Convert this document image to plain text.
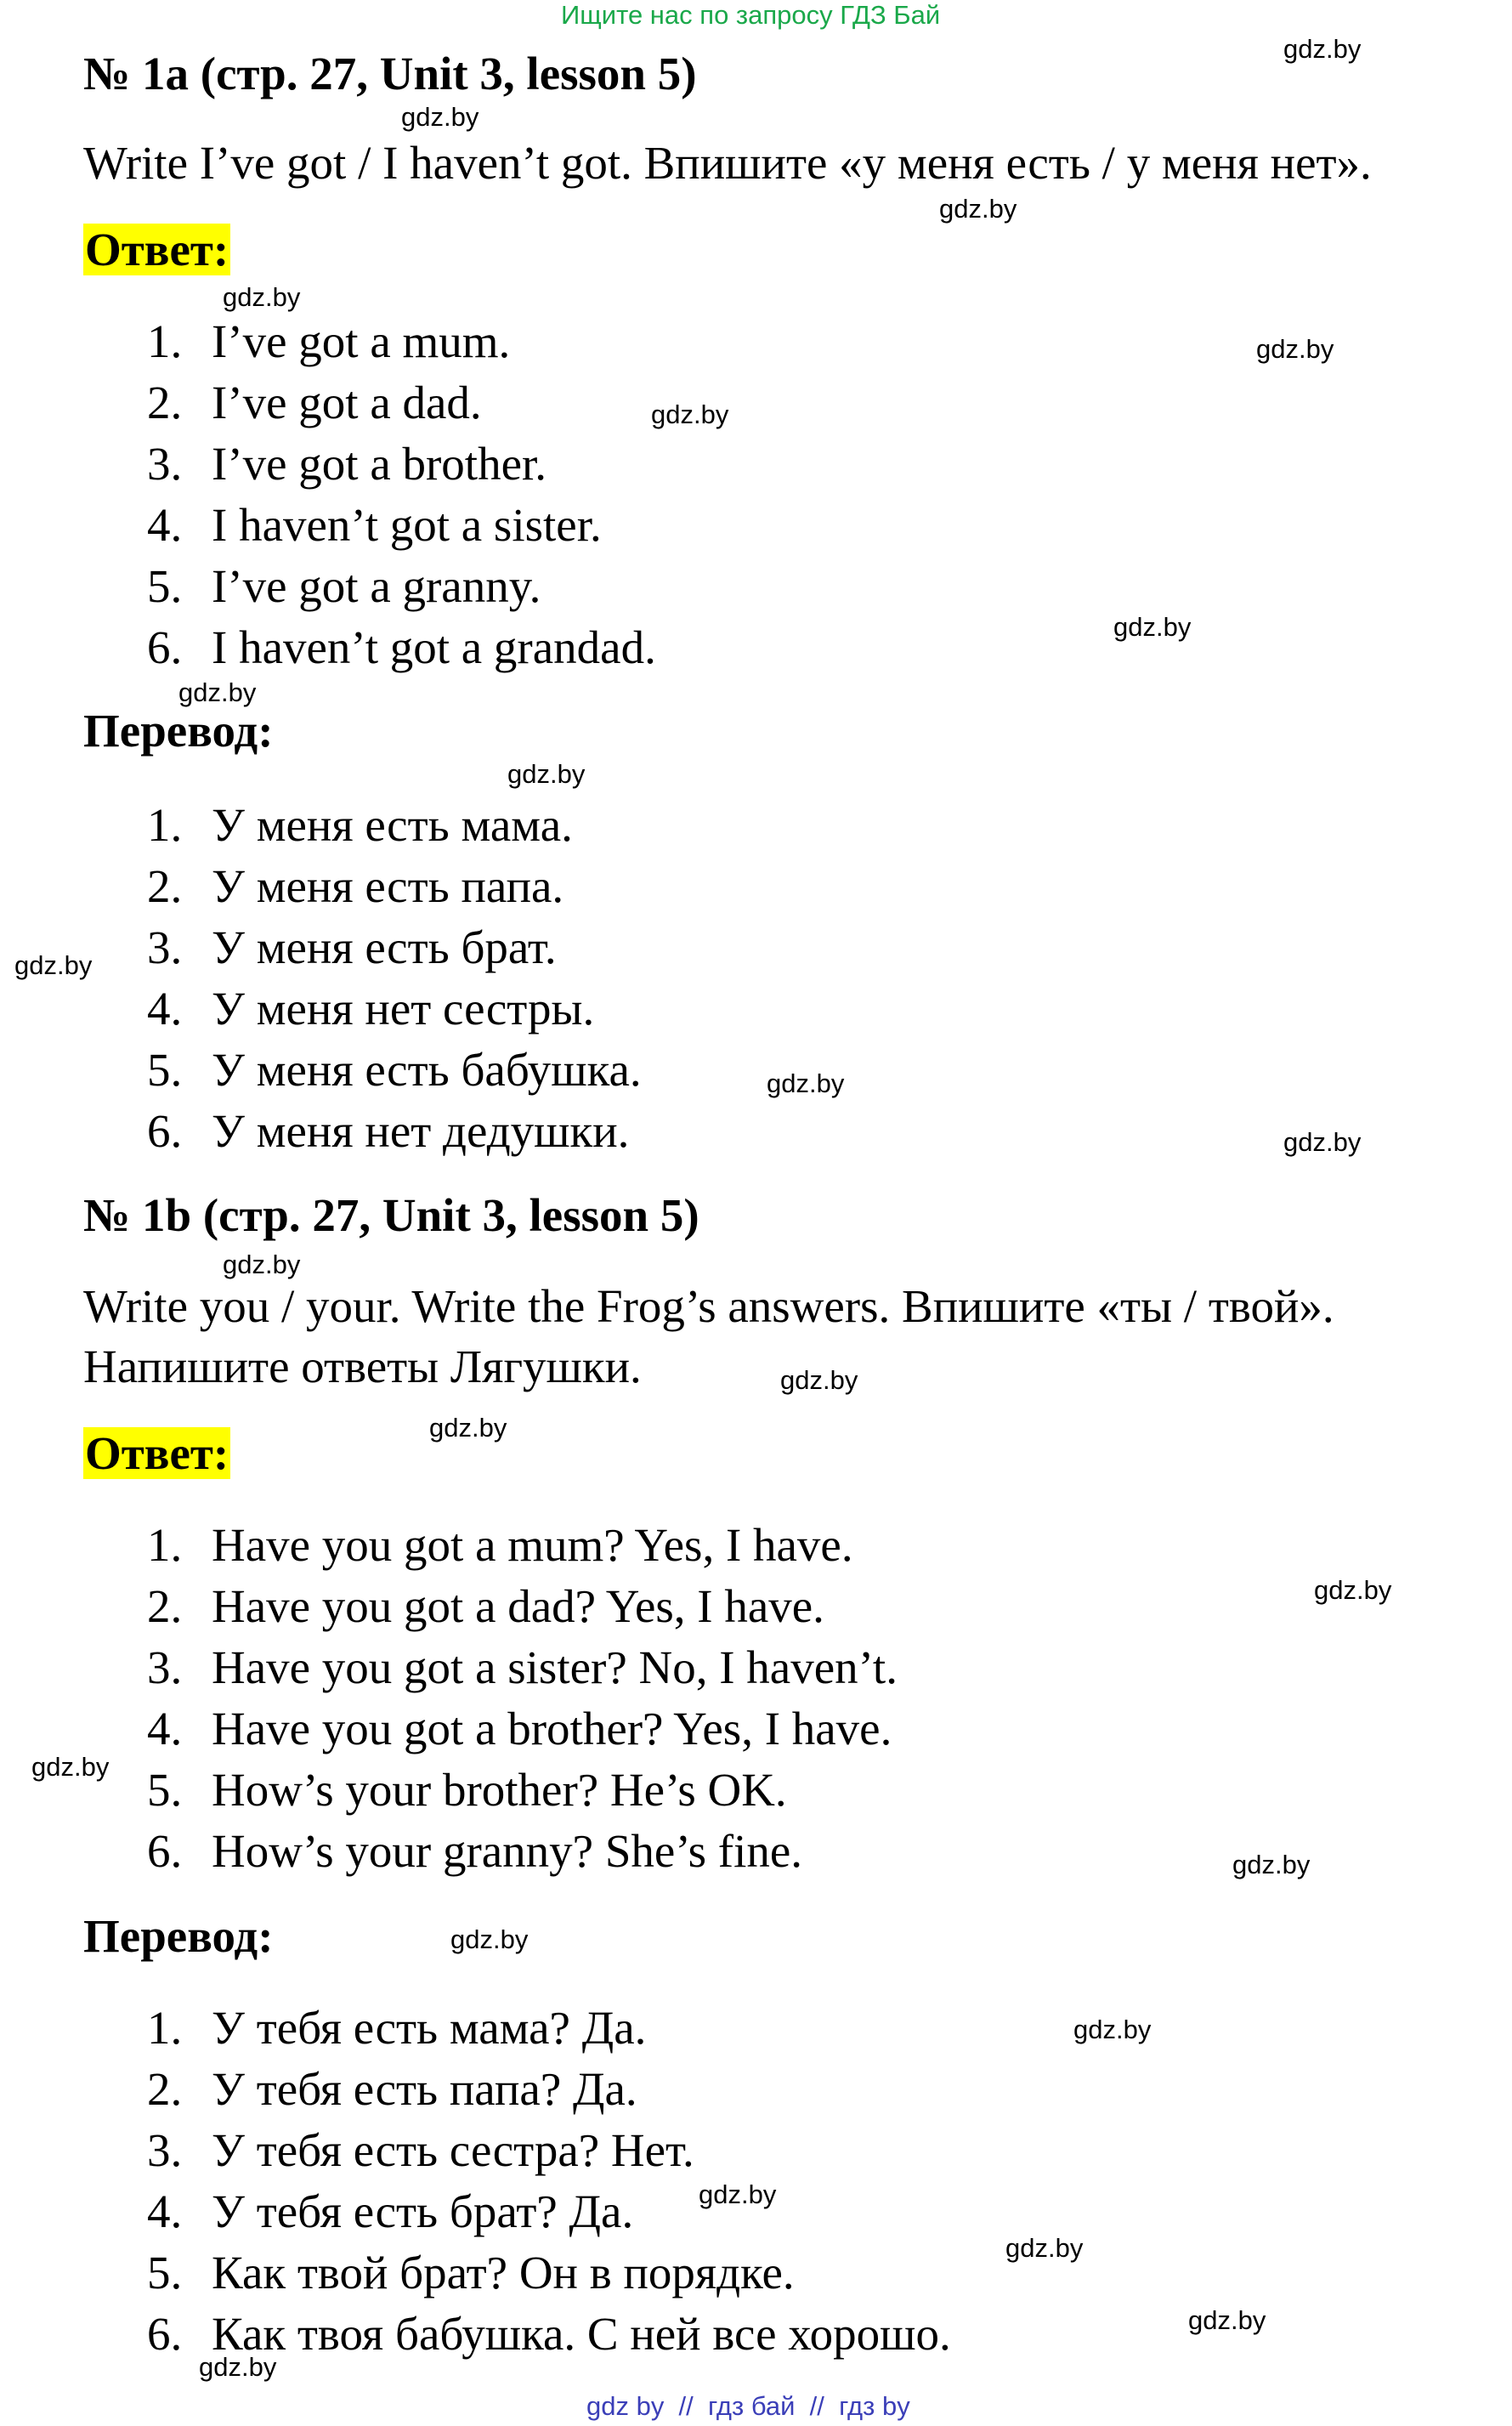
Ищите нас по запросу ГДЗ Бай
№ 1a (стр. 27, Unit 3, lesson 5)
Write I’ve got / I haven’t got. Впишите «у меня есть / у меня нет».
Ответ:
1. I’ve got a mum.
2. I’ve got a dad.
3. I’ve got a brother.
4. I haven’t got a sister.
5. I’ve got a granny.
6. I haven’t got a grandad.
Перевод:
1. У меня есть мама.
2. У меня есть папа.
3. У меня есть брат.
4. У меня нет сестры.
5. У меня есть бабушка.
6. У меня нет дедушки.
№ 1b (стр. 27, Unit 3, lesson 5)
Write you / your. Write the Frog’s answers. Впишите «ты / твой».
Напишите ответы Лягушки.
Ответ:
1. Have you got a mum? Yes, I have.
2. Have you got a dad? Yes, I have.
3. Have you got a sister? No, I haven’t.
4. Have you got a brother? Yes, I have.
5. How’s your brother? He’s OK.
6. How’s your granny? She’s fine.
Перевод:
1. У тебя есть мама? Да.
2. У тебя есть папа? Да.
3. У тебя есть сестра? Нет.
4. У тебя есть брат? Да.
5. Как твой брат? Он в порядке.
6. Как твоя бабушка. С ней все хорошо.
gdz.by
gdz.by
gdz.by
gdz.by
gdz.by
gdz.by
gdz.by
gdz.by
gdz.by
gdz.by
gdz.by
gdz.by
gdz.by
gdz.by
gdz.by
gdz.by
gdz.by
gdz.by
gdz.by
gdz.by
gdz.by
gdz.by
gdz.by
gdz.by
gdz by  //  гдз бай  //  гдз by
